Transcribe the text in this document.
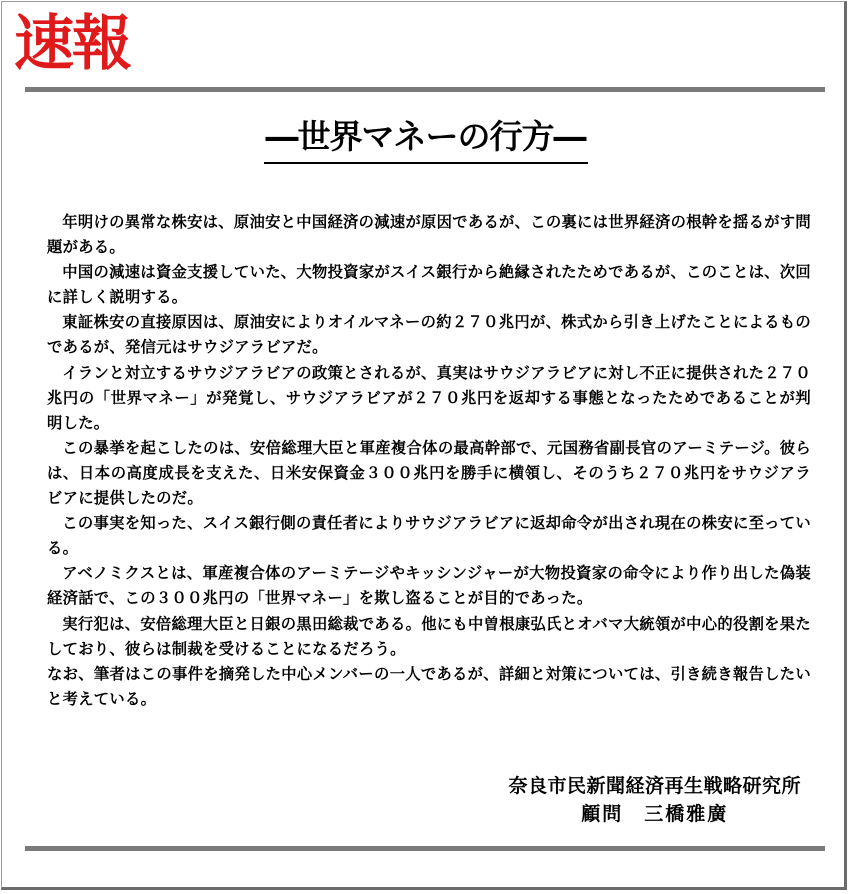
速報
―世界マネーの行方―

年明けの異常な株安は、原油安と中国経済の減速が原因であるが、この裏には世界経済の根幹を揺るがす問題がある。

中国の減速は資金支援していた、大物投資家がスイス銀行から絶縁されたためであるが、このことは、次回に詳しく説明する。

東証株安の直接原因は、原油安によりオイルマネーの約２７０兆円が、株式から引き上げたことによるものであるが、発信元はサウジアラビアだ。

イランと対立するサウジアラビアの政策とされるが、真実はサウジアラビアに対し不正に提供された２７０兆円の「世界マネー」が発覚し、サウジアラビアが２７０兆円を返却する事態となったためであることが判明した。

この暴挙を起こしたのは、安倍総理大臣と軍産複合体の最高幹部で、元国務省副長官のアーミテージ。彼らは、日本の高度成長を支えた、日米安保資金３００兆円を勝手に横領し、そのうち２７０兆円をサウジアラビアに提供したのだ。

この事実を知った、スイス銀行側の責任者によりサウジアラビアに返却命令が出され現在の株安に至っている。

アベノミクスとは、軍産複合体のアーミテージやキッシンジャーが大物投資家の命令により作り出した偽装経済話で、この３００兆円の「世界マネー」を欺し盗ることが目的であった。

実行犯は、安倍総理大臣と日銀の黒田総裁である。他にも中曽根康弘氏とオバマ大統領が中心的役割を果たしており、彼らは制裁を受けることになるだろう。

なお、筆者はこの事件を摘発した中心メンバーの一人であるが、詳細と対策については、引き続き報告したいと考えている。

奈良市民新聞経済再生戦略研究所
顧問　三橋雅廣
